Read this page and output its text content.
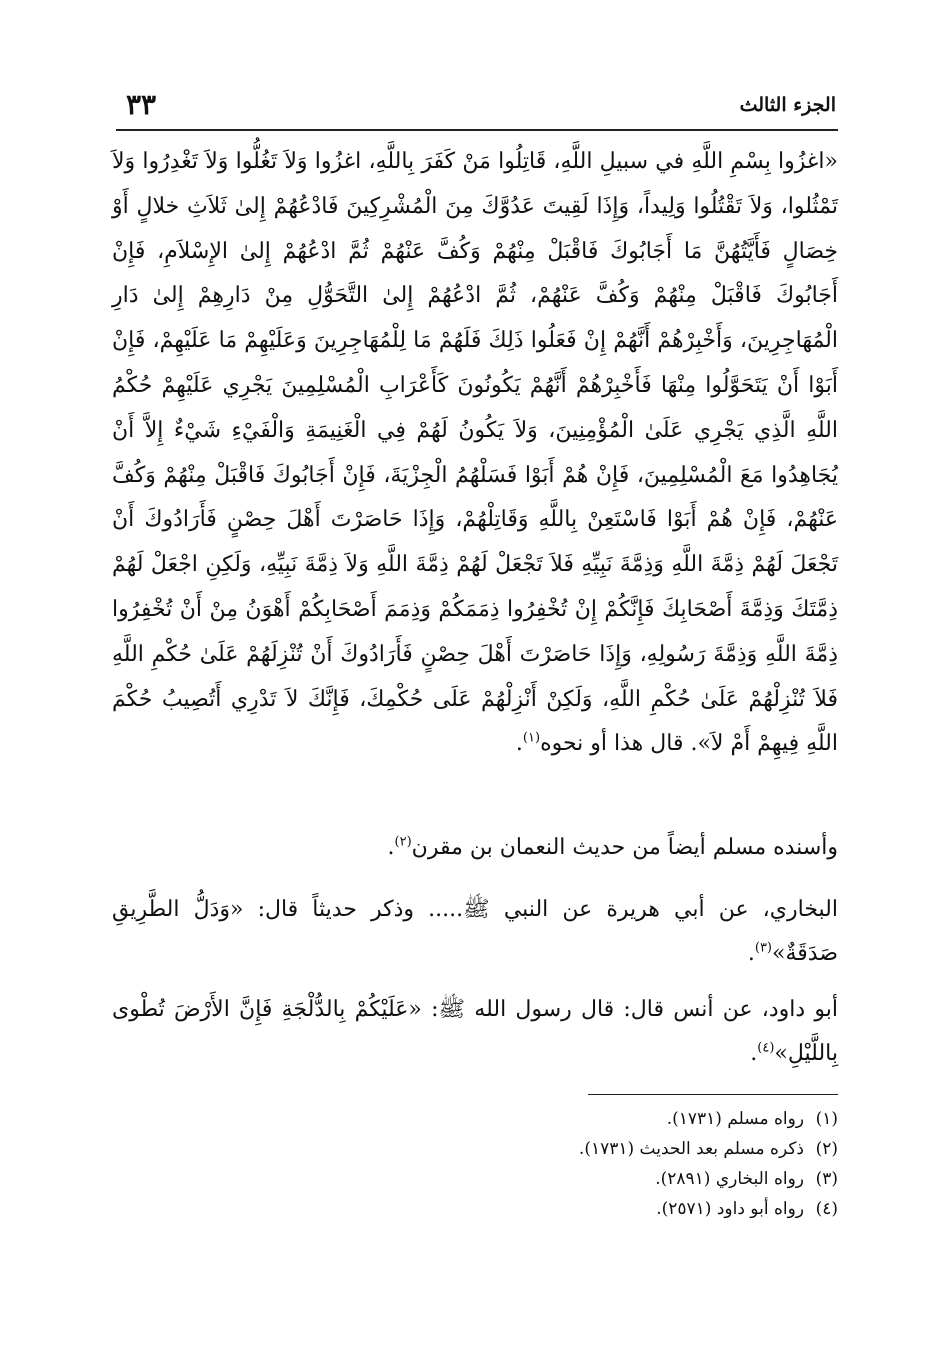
الجزء الثالث
٣٣

«اغزُوا بِسْمِ اللَّهِ في سبيلِ اللَّهِ، قَاتِلُوا مَنْ كَفَرَ بِاللَّهِ، اغزُوا وَلاَ تَغُلُّوا وَلاَ تَغْدِرُوا وَلاَ تَمْثُلوا، وَلاَ تَقْتُلُوا وَلِيداً، وَإِذَا لَقِيتَ عَدُوَّكَ مِنَ الْمُشْرِكِينَ فَادْعُهُمْ إِلىٰ ثَلاَثِ خلالٍ أَوْ خِصَالٍ فَأَيَّتُهُنَّ مَا أَجَابُوكَ فَاقْبَلْ مِنْهُمْ وَكُفَّ عَنْهُمْ ثُمَّ ادْعُهُمْ إِلىٰ الإِسْلاَمِ، فَإِنْ أَجَابُوكَ فَاقْبَلْ مِنْهُمْ وَكُفَّ عَنْهُمْ، ثُمَّ ادْعُهُمْ إِلىٰ التَّحَوُّلِ مِنْ دَارِهِمْ إِلىٰ دَارِ الْمُهَاجِرِينَ، وَأَخْبِرْهُمْ أَنَّهُمْ إِنْ فَعَلُوا ذَلِكَ فَلَهُمْ مَا لِلْمُهَاجِرِينَ وَعَلَيْهِمْ مَا عَلَيْهِمْ، فَإِنْ أَبَوْا أَنْ يَتَحَوَّلُوا مِنْهَا فَأَخْبِرْهُمْ أَنَّهُمْ يَكُونُونَ كَأَعْرَابِ الْمُسْلِمِينَ يَجْرِي عَلَيْهِمْ حُكْمُ اللَّهِ الَّذِي يَجْرِي عَلَىٰ الْمُؤْمِنِينَ، وَلاَ يَكُونُ لَهُمْ فِي الْغَنِيمَةِ وَالْفَيْءِ شَيْءٌ إِلاَّ أَنْ يُجَاهِدُوا مَعَ الْمُسْلِمِينَ، فَإِنْ هُمْ أَبَوْا فَسَلْهُمُ الْجِزْيَةَ، فَإِنْ أَجَابُوكَ فَاقْبَلْ مِنْهُمْ وَكُفَّ عَنْهُمْ، فَإِنْ هُمْ أَبَوْا فَاسْتَعِنْ بِاللَّهِ وَقَاتِلْهُمْ، وَإِذَا حَاصَرْتَ أَهْلَ حِصْنٍ فَأَرَادُوكَ أَنْ تَجْعَلَ لَهُمْ ذِمَّةَ اللَّهِ وَذِمَّةَ نَبِيِّهِ فَلاَ تَجْعَلْ لَهُمْ ذِمَّةَ اللَّهِ وَلاَ ذِمَّةَ نَبِيِّهِ، وَلَكِنِ اجْعَلْ لَهُمْ ذِمَّتَكَ وَذِمَّةَ أَصْحَابِكَ فَإِنَّكُمْ إِنْ تُخْفِرُوا ذِمَمَكُمْ وَذِمَمَ أَصْحَابِكُمْ أَهْوَنُ مِنْ أَنْ تُخْفِرُوا ذِمَّةَ اللَّهِ وَذِمَّةَ رَسُولِهِ، وَإِذَا حَاصَرْتَ أَهْلَ حِصْنٍ فَأَرَادُوكَ أَنْ تُنْزِلَهُمْ عَلَىٰ حُكْمِ اللَّهِ فَلاَ تُنْزِلْهُمْ عَلَىٰ حُكْمِ اللَّهِ، وَلَكِنْ أَنْزِلْهُمْ عَلَى حُكْمِكَ، فَإِنَّكَ لاَ تَدْرِي أَتُصِيبُ حُكْمَ اللَّهِ فِيهِمْ أَمْ لاَ». قال هذا أو نحوه$^{(١)}$.

وأسنده مسلم أيضاً من حديث النعمان بن مقرن$^{(٢)}$.

البخاري، عن أبي هريرة عن النبي ﷺ..... وذكر حديثاً قال: «وَدَلُّ الطَّرِيقِ صَدَقَةٌ»$^{(٣)}$.

أبو داود، عن أنس قال: قال رسول الله ﷺ: «عَلَيْكُمْ بِالدُّلْجَةِ فَإِنَّ الأَرْضَ تُطْوى بِاللَّيْلِ»$^{(٤)}$.

(١)رواه مسلم (١٧٣١).

(٢)ذكره مسلم بعد الحديث (١٧٣١).

(٣)رواه البخاري (٢٨٩١).

(٤)رواه أبو داود (٢٥٧١).
